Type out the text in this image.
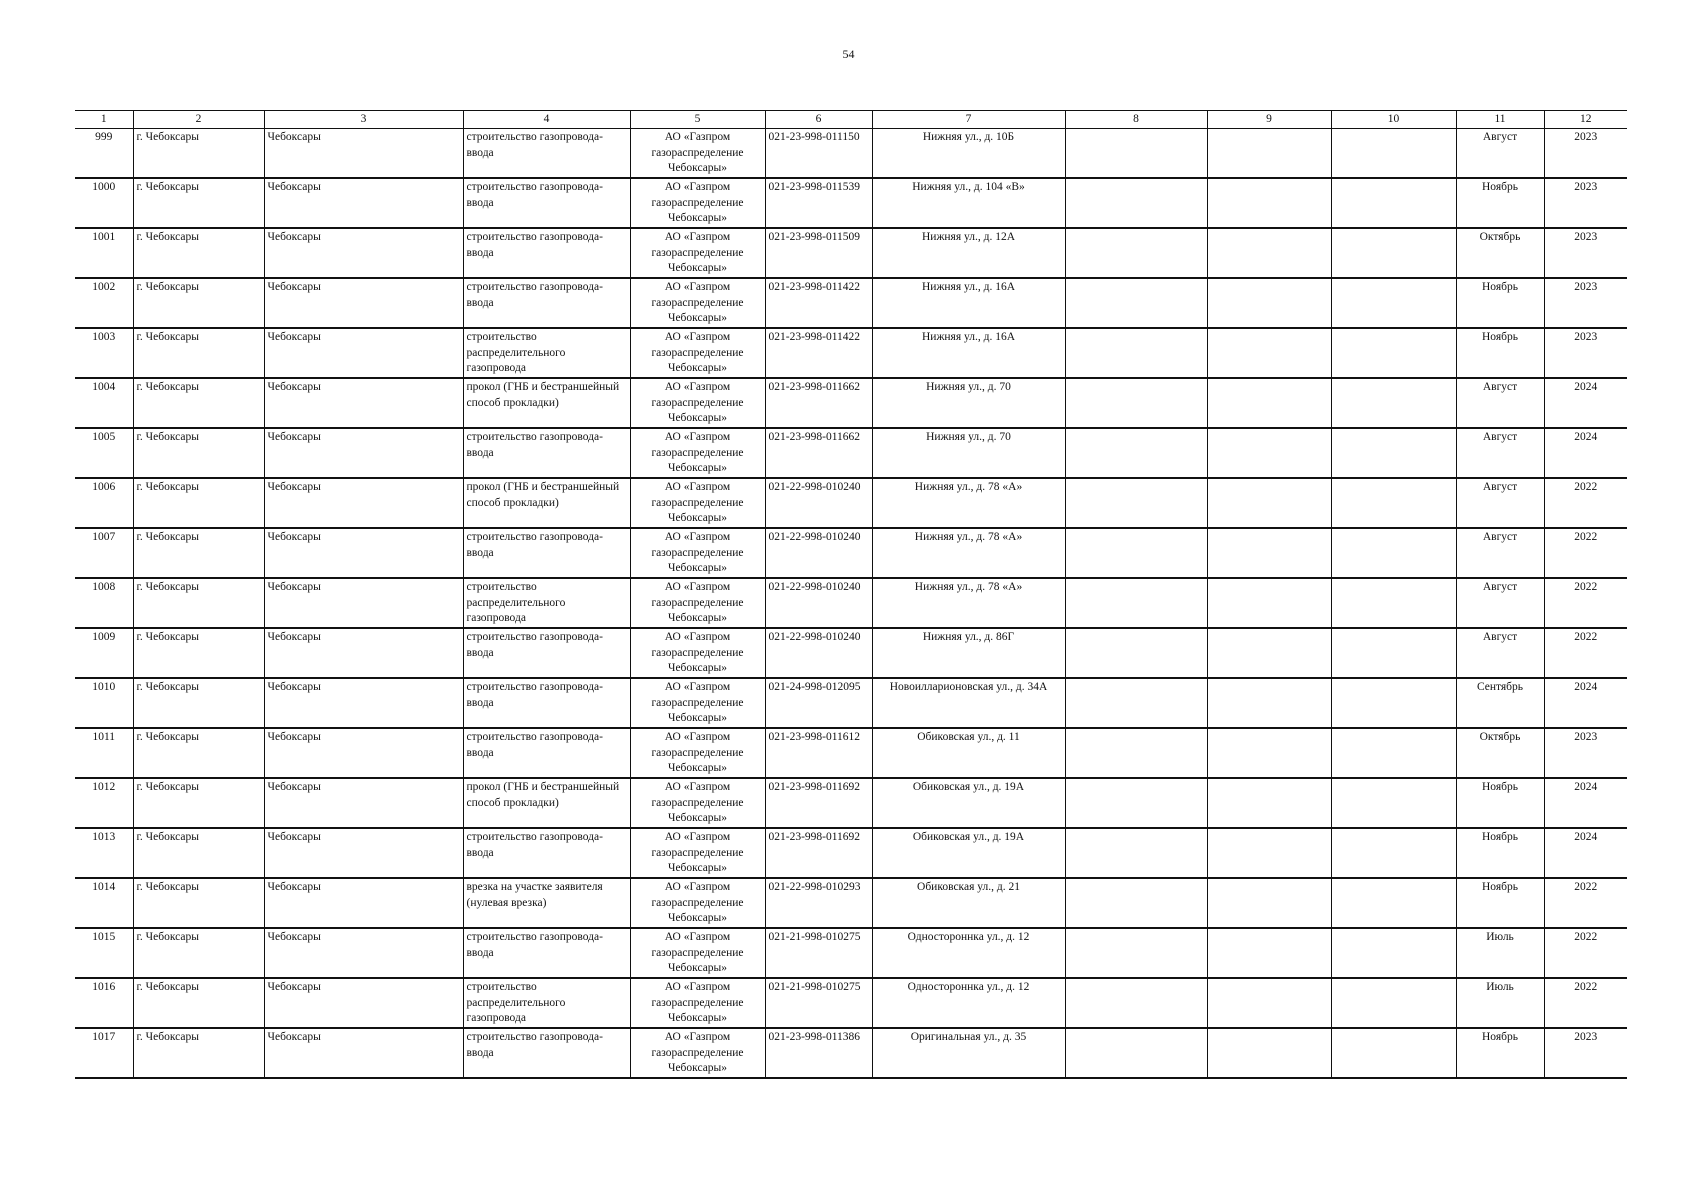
54
1	2	3	4	5	6	7	8	9	10	11	12
999	г. Чебоксары	Чебоксары	строительство газопровода-ввода	АО «Газпром газораспределение Чебоксары»	021-23-998-011150	Нижняя ул., д. 10Б				Август	2023
1000	г. Чебоксары	Чебоксары	строительство газопровода-ввода	АО «Газпром газораспределение Чебоксары»	021-23-998-011539	Нижняя ул., д. 104 «В»				Ноябрь	2023
1001	г. Чебоксары	Чебоксары	строительство газопровода-ввода	АО «Газпром газораспределение Чебоксары»	021-23-998-011509	Нижняя ул., д. 12А				Октябрь	2023
1002	г. Чебоксары	Чебоксары	строительство газопровода-ввода	АО «Газпром газораспределение Чебоксары»	021-23-998-011422	Нижняя ул., д. 16А				Ноябрь	2023
1003	г. Чебоксары	Чебоксары	строительство распределительного газопровода	АО «Газпром газораспределение Чебоксары»	021-23-998-011422	Нижняя ул., д. 16А				Ноябрь	2023
1004	г. Чебоксары	Чебоксары	прокол (ГНБ и бестраншейный способ прокладки)	АО «Газпром газораспределение Чебоксары»	021-23-998-011662	Нижняя ул., д. 70				Август	2024
1005	г. Чебоксары	Чебоксары	строительство газопровода-ввода	АО «Газпром газораспределение Чебоксары»	021-23-998-011662	Нижняя ул., д. 70				Август	2024
1006	г. Чебоксары	Чебоксары	прокол (ГНБ и бестраншейный способ прокладки)	АО «Газпром газораспределение Чебоксары»	021-22-998-010240	Нижняя ул., д. 78 «А»				Август	2022
1007	г. Чебоксары	Чебоксары	строительство газопровода-ввода	АО «Газпром газораспределение Чебоксары»	021-22-998-010240	Нижняя ул., д. 78 «А»				Август	2022
1008	г. Чебоксары	Чебоксары	строительство распределительного газопровода	АО «Газпром газораспределение Чебоксары»	021-22-998-010240	Нижняя ул., д. 78 «А»				Август	2022
1009	г. Чебоксары	Чебоксары	строительство газопровода-ввода	АО «Газпром газораспределение Чебоксары»	021-22-998-010240	Нижняя ул., д. 86Г				Август	2022
1010	г. Чебоксары	Чебоксары	строительство газопровода-ввода	АО «Газпром газораспределение Чебоксары»	021-24-998-012095	Новоилларионовская ул., д. 34А				Сентябрь	2024
1011	г. Чебоксары	Чебоксары	строительство газопровода-ввода	АО «Газпром газораспределение Чебоксары»	021-23-998-011612	Обиковская ул., д. 11				Октябрь	2023
1012	г. Чебоксары	Чебоксары	прокол (ГНБ и бестраншейный способ прокладки)	АО «Газпром газораспределение Чебоксары»	021-23-998-011692	Обиковская ул., д. 19А				Ноябрь	2024
1013	г. Чебоксары	Чебоксары	строительство газопровода-ввода	АО «Газпром газораспределение Чебоксары»	021-23-998-011692	Обиковская ул., д. 19А				Ноябрь	2024
1014	г. Чебоксары	Чебоксары	врезка на участке заявителя (нулевая врезка)	АО «Газпром газораспределение Чебоксары»	021-22-998-010293	Обиковская ул., д. 21				Ноябрь	2022
1015	г. Чебоксары	Чебоксары	строительство газопровода-ввода	АО «Газпром газораспределение Чебоксары»	021-21-998-010275	Одностороннка ул., д. 12				Июль	2022
1016	г. Чебоксары	Чебоксары	строительство распределительного газопровода	АО «Газпром газораспределение Чебоксары»	021-21-998-010275	Одностороннка ул., д. 12				Июль	2022
1017	г. Чебоксары	Чебоксары	строительство газопровода-ввода	АО «Газпром газораспределение Чебоксары»	021-23-998-011386	Оригинальная ул., д. 35				Ноябрь	2023
